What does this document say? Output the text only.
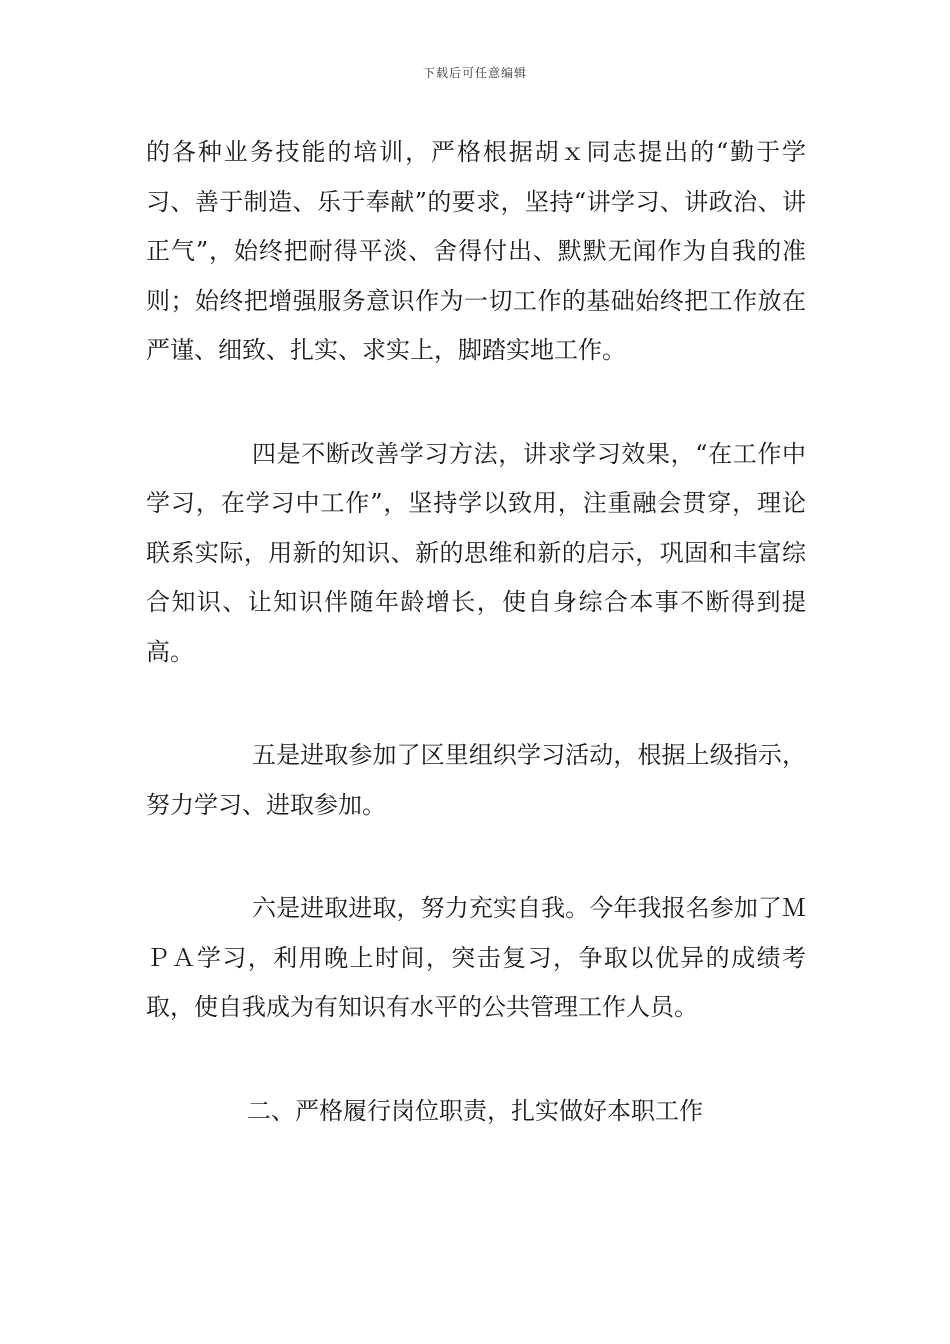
下载后可任意编辑

的各种业务技能的培训，严格根据胡ｘ同志提出的“勤于学习、善于制造、乐于奉献”的要求，坚持“讲学习、讲政治、讲正气”，始终把耐得平淡、舍得付出、默默无闻作为自我的准则；始终把增强服务意识作为一切工作的基础始终把工作放在严谨、细致、扎实、求实上，脚踏实地工作。

四是不断改善学习方法，讲求学习效果，“在工作中学习，在学习中工作”，坚持学以致用，注重融会贯穿，理论联系实际，用新的知识、新的思维和新的启示，巩固和丰富综合知识、让知识伴随年龄增长，使自身综合本事不断得到提高。

五是进取参加了区里组织学习活动，根据上级指示，努力学习、进取参加。

六是进取进取，努力充实自我。今年我报名参加了ＭＰＡ学习，利用晚上时间，突击复习，争取以优异的成绩考取，使自我成为有知识有水平的公共管理工作人员。

二、严格履行岗位职责，扎实做好本职工作
